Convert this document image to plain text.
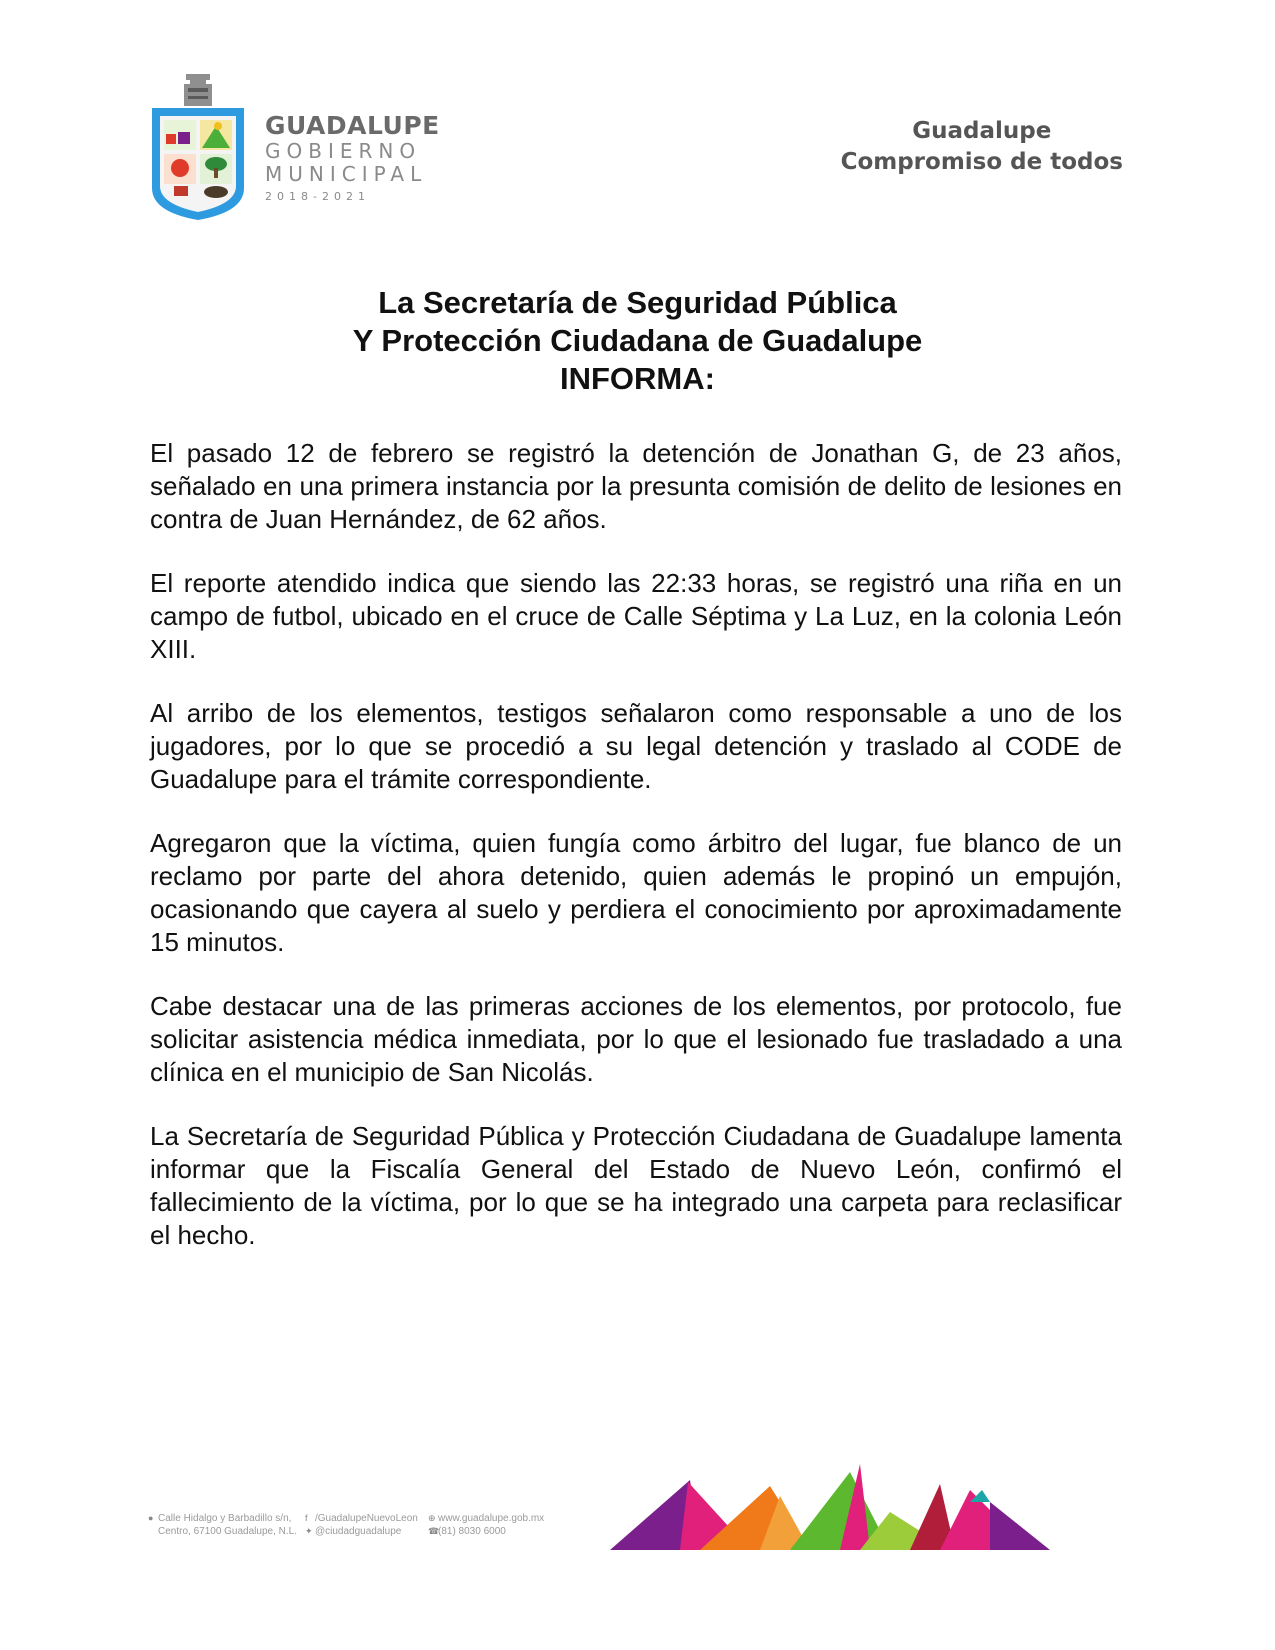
GUADALUPE
GOBIERNO
MUNICIPAL
2018-2021
Guadalupe
Compromiso de todos
La Secretaría de Seguridad Pública
Y Protección Ciudadana de Guadalupe
INFORMA:

El pasado 12 de febrero se registró la detención de Jonathan G, de 23 años, señalado en una primera instancia por la presunta comisión de delito de lesiones en contra de Juan Hernández, de 62 años.

El reporte atendido indica que siendo las 22:33 horas, se registró una riña en un campo de futbol, ubicado en el cruce de Calle Séptima y La Luz, en la colonia León XIII.

Al arribo de los elementos, testigos señalaron como responsable a uno de los jugadores, por lo que se procedió a su legal detención y traslado al CODE de Guadalupe para el trámite correspondiente.

Agregaron que la víctima, quien fungía como árbitro del lugar, fue blanco de un reclamo por parte del ahora detenido, quien además le propinó un empujón, ocasionando que cayera al suelo y perdiera el conocimiento por aproximadamente 15 minutos.

Cabe destacar una de las primeras acciones de los elementos, por protocolo, fue solicitar asistencia médica inmediata, por lo que el lesionado fue trasladado a una clínica en el municipio de San Nicolás.

La Secretaría de Seguridad Pública y Protección Ciudadana de Guadalupe lamenta informar que la Fiscalía General del Estado de Nuevo León, confirmó el fallecimiento de la víctima, por lo que se ha integrado una carpeta para reclasificar el hecho.

● Calle Hidalgo y Barbadillo s/n,
Centro, 67100 Guadalupe, N.L.
f /GuadalupeNuevoLeon
✦ @ciudadguadalupe
⊕ www.guadalupe.gob.mx
☎(81) 8030 6000
